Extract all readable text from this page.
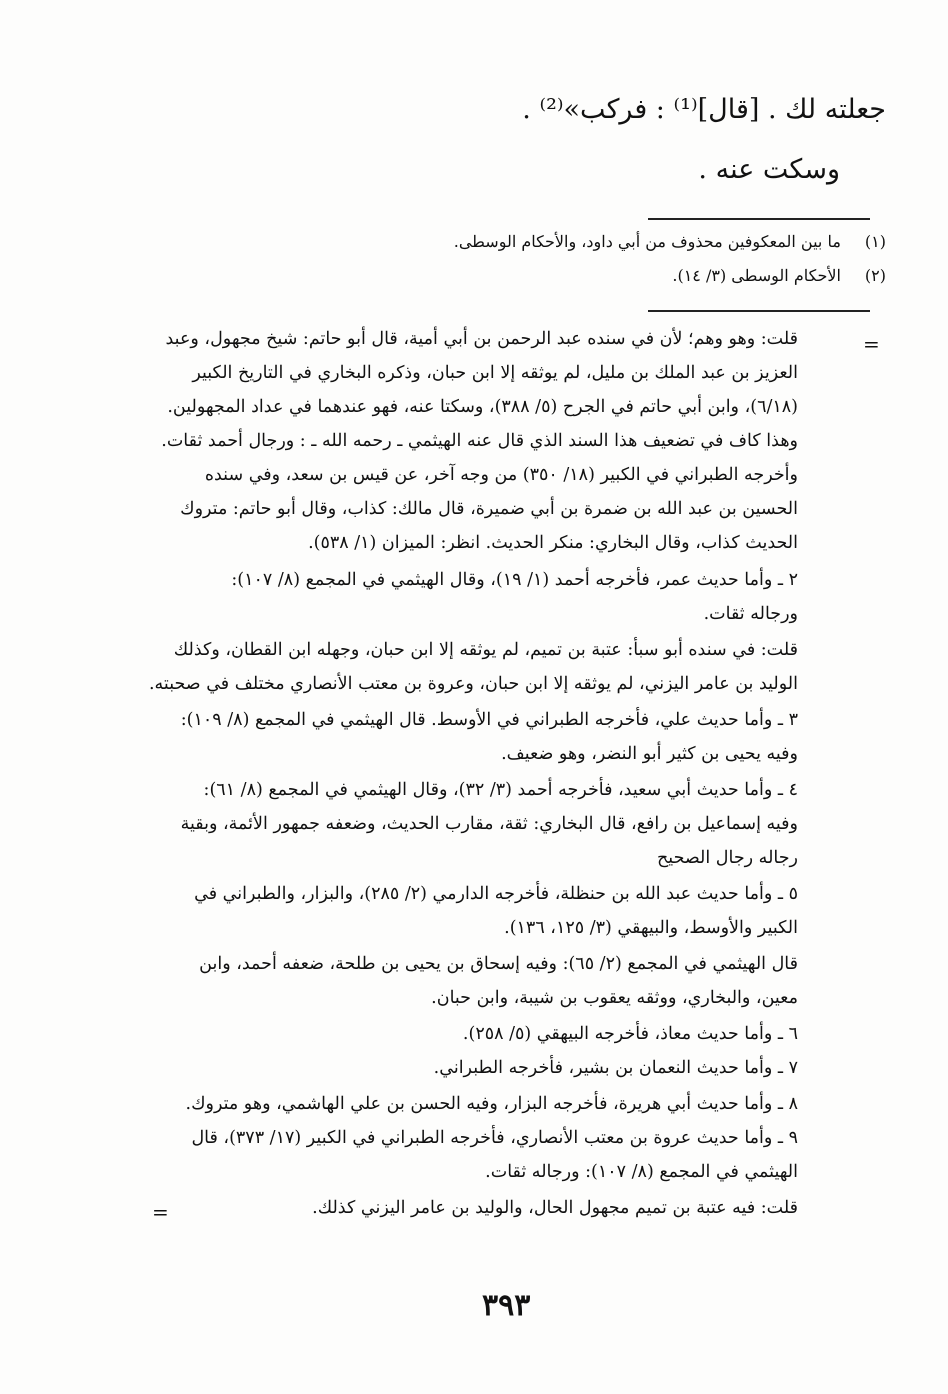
جعلته لك . [قال]⁽¹⁾ : فركب»⁽²⁾ .
وسكت عنه .
(١) ما بين المعكوفين محذوف من أبي داود، والأحكام الوسطى.
(٢) الأحكام الوسطى (٣/ ١٤).
=
=
قلت: وهو وهم؛ لأن في سنده عبد الرحمن بن أبي أمية، قال أبو حاتم: شيخ مجهول، وعبد
العزيز بن عبد الملك بن مليل، لم يوثقه إلا ابن حبان، وذكره البخاري في التاريخ الكبير
(٦/١٨)، وابن أبي حاتم في الجرح (٥/ ٣٨٨)، وسكتا عنه، فهو عندهما في عداد المجهولين.
وهذا كاف في تضعيف هذا السند الذي قال عنه الهيثمي ـ رحمه الله ـ : ورجال أحمد ثقات.
وأخرجه الطبراني في الكبير (١٨/ ٣٥٠) من وجه آخر، عن قيس بن سعد، وفي سنده
الحسين بن عبد الله بن ضمرة بن أبي ضميرة، قال مالك: كذاب، وقال أبو حاتم: متروك
الحديث كذاب، وقال البخاري: منكر الحديث. انظر: الميزان (١/ ٥٣٨).
٢ ـ وأما حديث عمر، فأخرجه أحمد (١/ ١٩)، وقال الهيثمي في المجمع (٨/ ١٠٧):
ورجاله ثقات.
قلت: في سنده أبو سبأ: عتبة بن تميم، لم يوثقه إلا ابن حبان، وجهله ابن القطان، وكذلك
الوليد بن عامر اليزني، لم يوثقه إلا ابن حبان، وعروة بن معتب الأنصاري مختلف في صحبته.
٣ ـ وأما حديث علي، فأخرجه الطبراني في الأوسط. قال الهيثمي في المجمع (٨/ ١٠٩):
وفيه يحيى بن كثير أبو النضر، وهو ضعيف.
٤ ـ وأما حديث أبي سعيد، فأخرجه أحمد (٣/ ٣٢)، وقال الهيثمي في المجمع (٨/ ٦١):
وفيه إسماعيل بن رافع، قال البخاري: ثقة، مقارب الحديث، وضعفه جمهور الأئمة، وبقية
رجاله رجال الصحيح
٥ ـ وأما حديث عبد الله بن حنظلة، فأخرجه الدارمي (٢/ ٢٨٥)، والبزار، والطبراني في
الكبير والأوسط، والبيهقي (٣/ ١٢٥، ١٣٦).
قال الهيثمي في المجمع (٢/ ٦٥): وفيه إسحاق بن يحيى بن طلحة، ضعفه أحمد، وابن
معين، والبخاري، ووثقه يعقوب بن شيبة، وابن حبان.
٦ ـ وأما حديث معاذ، فأخرجه البيهقي (٥/ ٢٥٨).
٧ ـ وأما حديث النعمان بن بشير، فأخرجه الطبراني.
٨ ـ وأما حديث أبي هريرة، فأخرجه البزار، وفيه الحسن بن علي الهاشمي، وهو متروك.
٩ ـ وأما حديث عروة بن معتب الأنصاري، فأخرجه الطبراني في الكبير (١٧/ ٣٧٣)، قال
الهيثمي في المجمع (٨/ ١٠٧): ورجاله ثقات.
قلت: فيه عتبة بن تميم مجهول الحال، والوليد بن عامر اليزني كذلك.
٣٩٣
